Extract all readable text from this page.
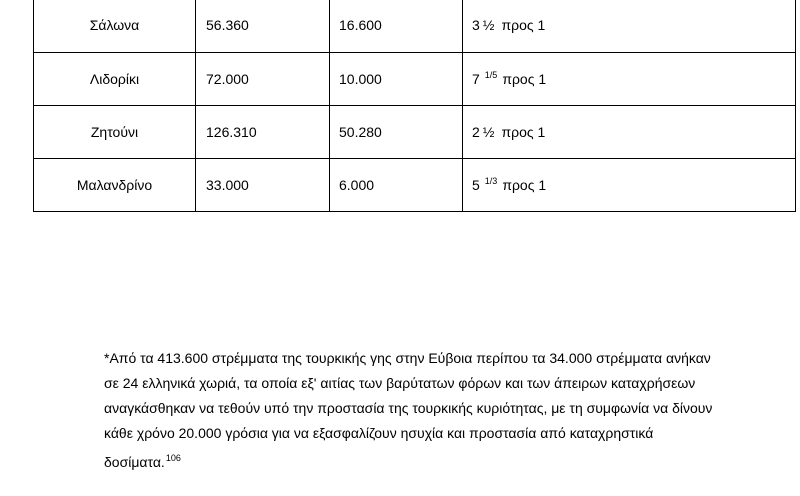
Σάλωνα	56.360	16.600	3 ½ προς 1
Λιδορίκι	72.000	10.000	7 $^{1/5}$ προς 1
Ζητούνι	126.310	50.280	2 ½ προς 1
Μαλανδρίνο	33.000	6.000	5 $^{1/3}$ προς 1

*Από τα 413.600 στρέμματα της τουρκικής γης στην Εύβοια περίπου τα 34.000 στρέμματα ανήκαν σε 24 ελληνικά χωριά, τα οποία εξ' αιτίας των βαρύτατων φόρων και των άπειρων καταχρήσεων αναγκάσθηκαν να τεθούν υπό την προστασία της τουρκικής κυριότητας, με τη συμφωνία να δίνουν κάθε χρόνο 20.000 γρόσια για να εξασφαλίζουν ησυχία και προστασία από καταχρηστικά δοσίματα.$^{106}$
